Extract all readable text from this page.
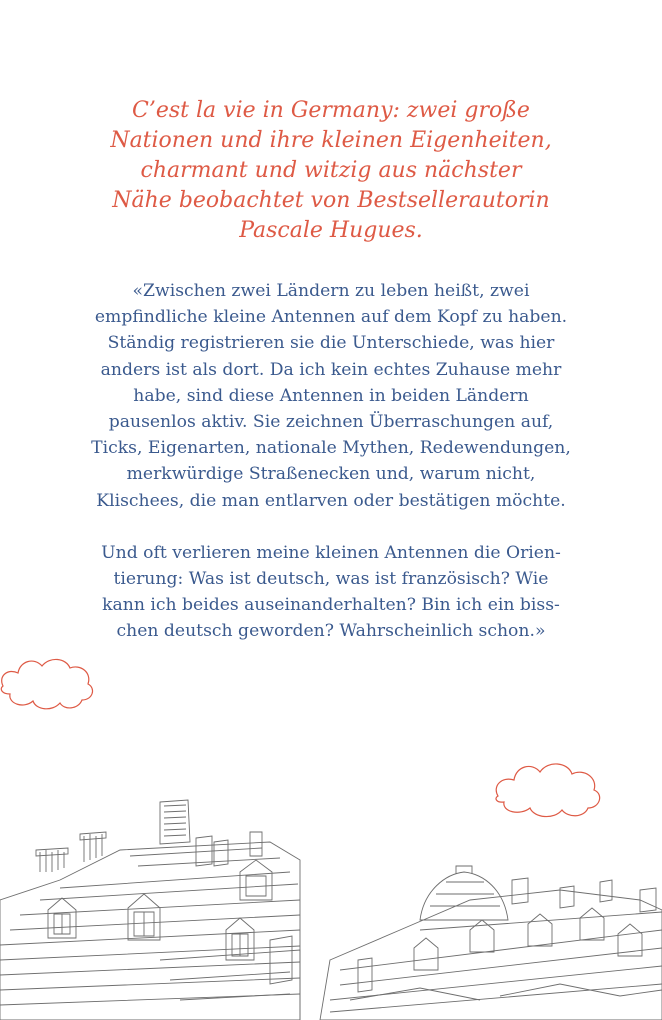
C’est la vie in Germany: zwei große
Nationen und ihre kleinen Eigenheiten,
charmant und witzig aus nächster
Nähe beobachtet von Bestsellerautorin
Pascale Hugues.
«Zwischen zwei Ländern zu leben heißt, zwei
empfindliche kleine Antennen auf dem Kopf zu haben.
Ständig registrieren sie die Unterschiede, was hier
anders ist als dort. Da ich kein echtes Zuhause mehr
habe, sind diese Antennen in beiden Ländern
pausenlos aktiv. Sie zeichnen Überraschungen auf,
Ticks, Eigenarten, nationale Mythen, Redewendungen,
merkwürdige Straßenecken und, warum nicht,
Klischees, die man entlarven oder bestätigen möchte.
Und oft verlieren meine kleinen Antennen die Orien-
tierung: Was ist deutsch, was ist französisch? Wie
kann ich beides auseinanderhalten? Bin ich ein biss-
chen deutsch geworden? Wahrscheinlich schon.»
